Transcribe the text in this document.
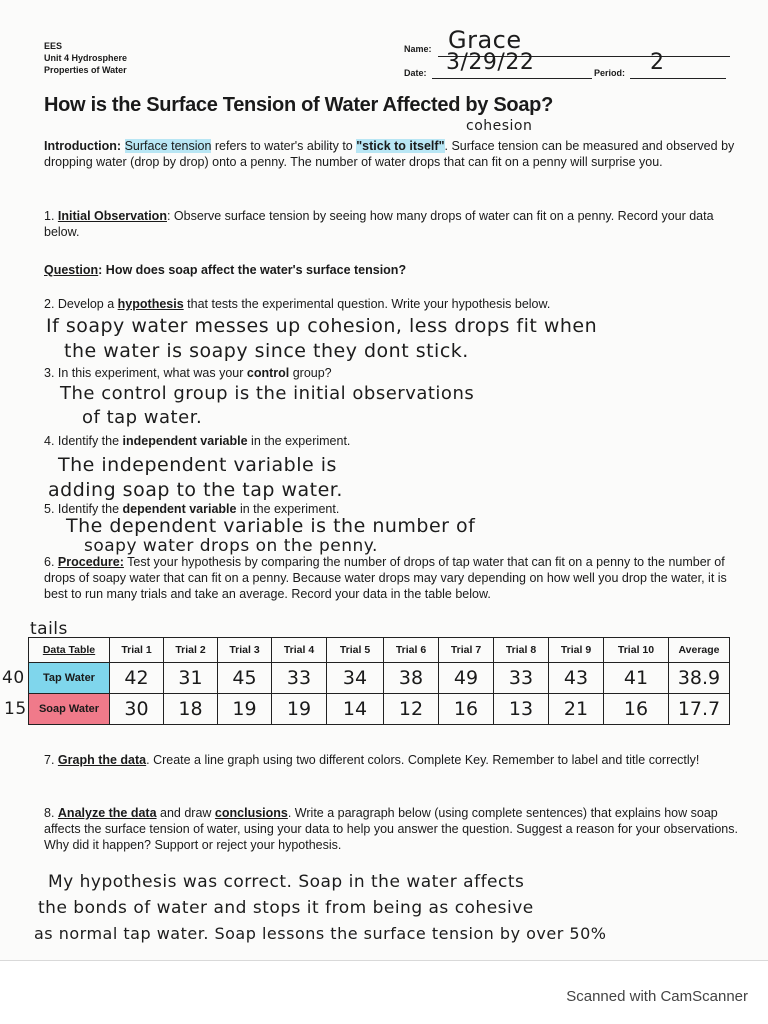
EES
Unit 4 Hydrosphere
Properties of Water
Name: Grace
Date: 3/29/22	Period: 2
How is the Surface Tension of Water Affected by Soap?
cohesion
Introduction: Surface tension refers to water's ability to "stick to itself". Surface tension can be measured and observed by dropping water (drop by drop) onto a penny. The number of water drops that can fit on a penny will surprise you.
1. Initial Observation: Observe surface tension by seeing how many drops of water can fit on a penny. Record your data below.
Question: How does soap affect the water's surface tension?
2. Develop a hypothesis that tests the experimental question. Write your hypothesis below.
If soapy water messes up cohesion, less drops fit when
the water is soapy since they dont stick.
3. In this experiment, what was your control group?
The control group is the initial observations
of tap water.
4. Identify the independent variable in the experiment.
The independent variable is
adding soap to the tap water.
5. Identify the dependent variable in the experiment.
The dependent variable is the number of
soapy water drops on the penny.
6. Procedure: Test your hypothesis by comparing the number of drops of tap water that can fit on a penny to the number of drops of soapy water that can fit on a penny. Because water drops may vary depending on how well you drop the water, it is best to run many trials and take an average. Record your data in the table below.
tails
40
15
Data Table	Trial 1	Trial 2	Trial 3	Trial 4	Trial 5	Trial 6	Trial 7	Trial 8	Trial 9	Trial 10	Average
Tap Water	42	31	45	33	34	38	49	33	43	41	38.9
Soap Water	30	18	19	19	14	12	16	13	21	16	17.7
7. Graph the data. Create a line graph using two different colors. Complete Key. Remember to label and title correctly!
8. Analyze the data and draw conclusions. Write a paragraph below (using complete sentences) that explains how soap affects the surface tension of water, using your data to help you answer the question. Suggest a reason for your observations. Why did it happen? Support or reject your hypothesis.
My hypothesis was correct. Soap in the water affects
the bonds of water and stops it from being as cohesive
as normal tap water. Soap lessons the surface tension by over 50%
Scanned with CamScanner
